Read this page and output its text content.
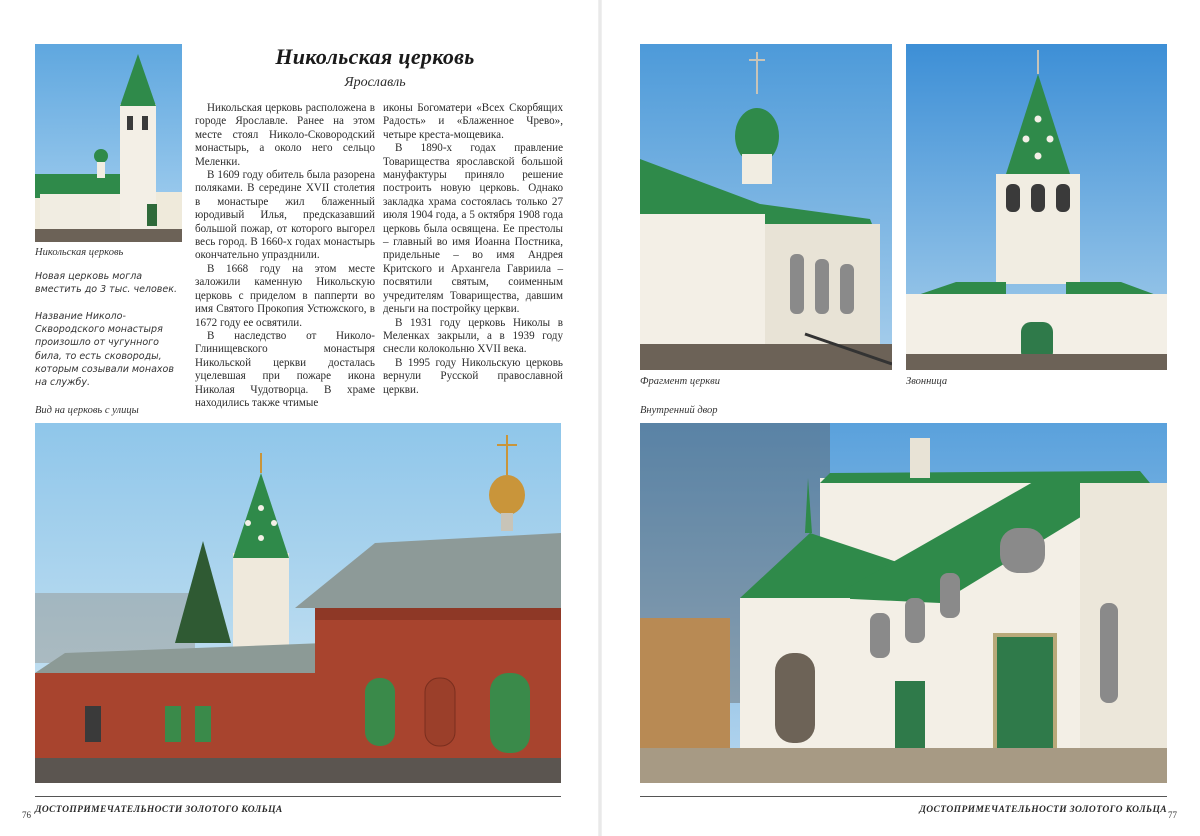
Никольская церковь
Новая церковь могла вместить до 3 тыс. человек.
Название Николо-Скворoдского монастыря произошло от чугунного била, то есть сковороды, которым созывали монахов на службу.
Никольская церковь
Ярославль

Никольская церковь расположена в городе Ярославле. Ранее на этом месте стоял Николо-Сковородский монастырь, а около него сельцо Меленки.

В 1609 году обитель была разорена поляками. В середине XVII столетия в монастыре жил блаженный юродивый Илья, предсказавший большой пожар, от которого выгорел весь город. В 1660-х годах монастырь окончательно упразднили.

В 1668 году на этом месте заложили каменную Никольскую церковь с приделом в папперти во имя Святого Прокопия Устюжского, в 1672 году ее освятили.

В наследство от Николо-Глинищевского монастыря Никольской церкви досталась уцелевшая при пожаре икона Николая Чудотворца. В храме находились также чтимые

иконы Богоматери «Всех Скорбящих Радость» и «Блаженное Чрево», четыре креста-мощевика.

В 1890-х годах правление Товарищества ярославской большой мануфактуры приняло решение построить новую церковь. Однако закладка храма состоялась только 27 июля 1904 года, а 5 октября 1908 года церковь была освящена. Ее престолы – главный во имя Иоанна Постника, придельные – во имя Андрея Критского и Архангела Гавриила – посвятили святым, соименным учредителям Товарищества, давшим деньги на постройку церкви.

В 1931 году церковь Николы в Меленках закрыли, а в 1939 году снесли колокольню XVII века.

В 1995 году Никольскую церковь вернули Русской православной церкви.

Вид на церковь с улицы
ДОСТОПРИМЕЧАТЕЛЬНОСТИ ЗОЛОТОГО КОЛЬЦА
76
Фрагмент церкви	Звонница
Внутренний двор
ДОСТОПРИМЕЧАТЕЛЬНОСТИ ЗОЛОТОГО КОЛЬЦА 77
